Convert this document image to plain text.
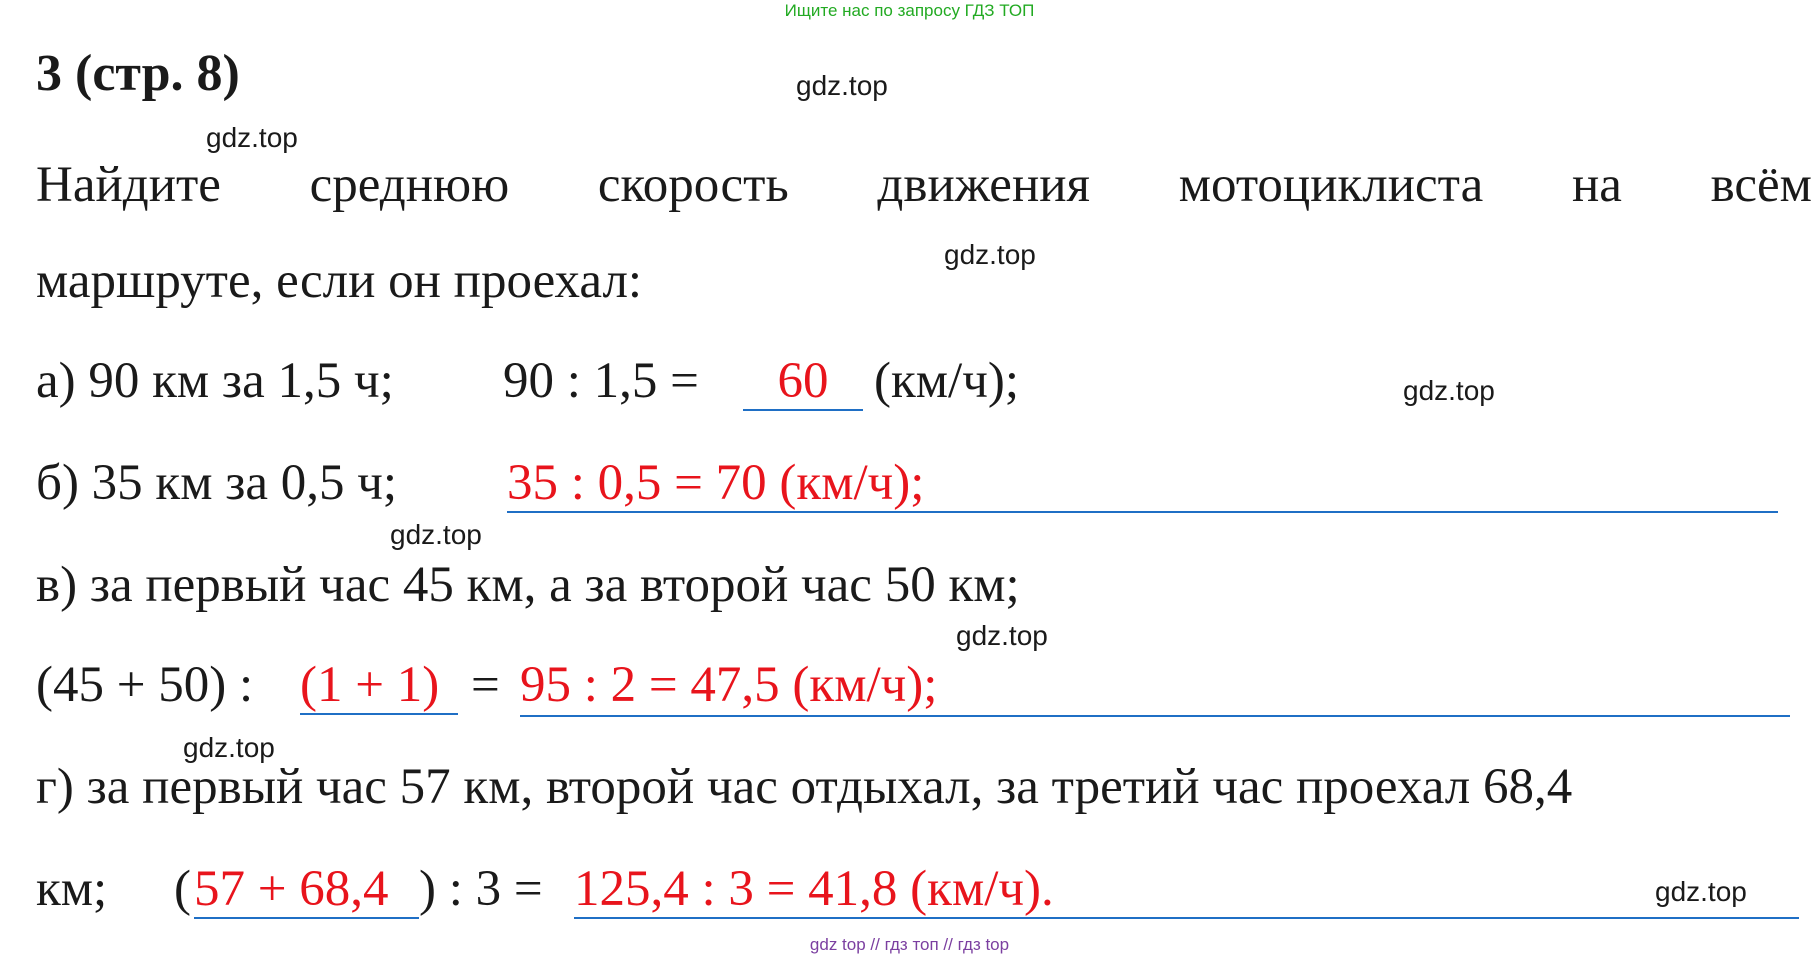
Ищите нас по запросу ГДЗ ТОП
3 (стр. 8)
Найдите среднюю скорость движения мотоциклиста на всём
маршруте, если он проехал:
а) 90 км за 1,5 ч; 90 : 1,5 =	60 (км/ч);
б) 35 км за 0,5 ч; 35 : 0,5 = 70 (км/ч);
в) за первый час 45 км, а за второй час 50 км;
(45 + 50) : (1 + 1) = 95 : 2 = 47,5 (км/ч);
г) за первый час 57 км, второй час отдыхал, за третий час проехал 68,4
км; ( 57 + 68,4 ) : 3 = 125,4 : 3 = 41,8 (км/ч).
gdz.top
gdz.top
gdz.top
gdz.top
gdz.top
gdz.top
gdz.top
gdz.top
gdz top // гдз топ // гдз top
